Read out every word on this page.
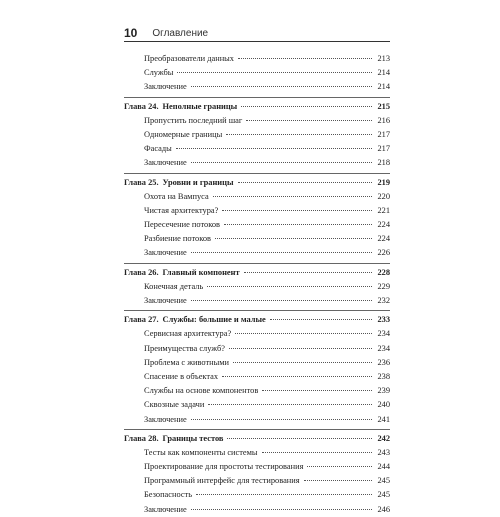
10 Оглавление
Преобразователи данных	213
Службы	214
Заключение	214
Глава 24. Неполные границы	215
Пропустить последний шаг	216
Одномерные границы	217
Фасады	217
Заключение	218
Глава 25. Уровни и границы	219
Охота на Вампуса	220
Чистая архитектура?	221
Пересечение потоков	224
Разбиение потоков	224
Заключение	226
Глава 26. Главный компонент	228
Конечная деталь	229
Заключение	232
Глава 27. Службы: большие и малые	233
Сервисная архитектура?	234
Преимущества служб?	234
Проблема с животными	236
Спасение в объектах	238
Службы на основе компонентов	239
Сквозные задачи	240
Заключение	241
Глава 28. Границы тестов	242
Тесты как компоненты системы	243
Проектирование для простоты тестирования	244
Программный интерфейс для тестирования	245
Безопасность	245
Заключение	246
